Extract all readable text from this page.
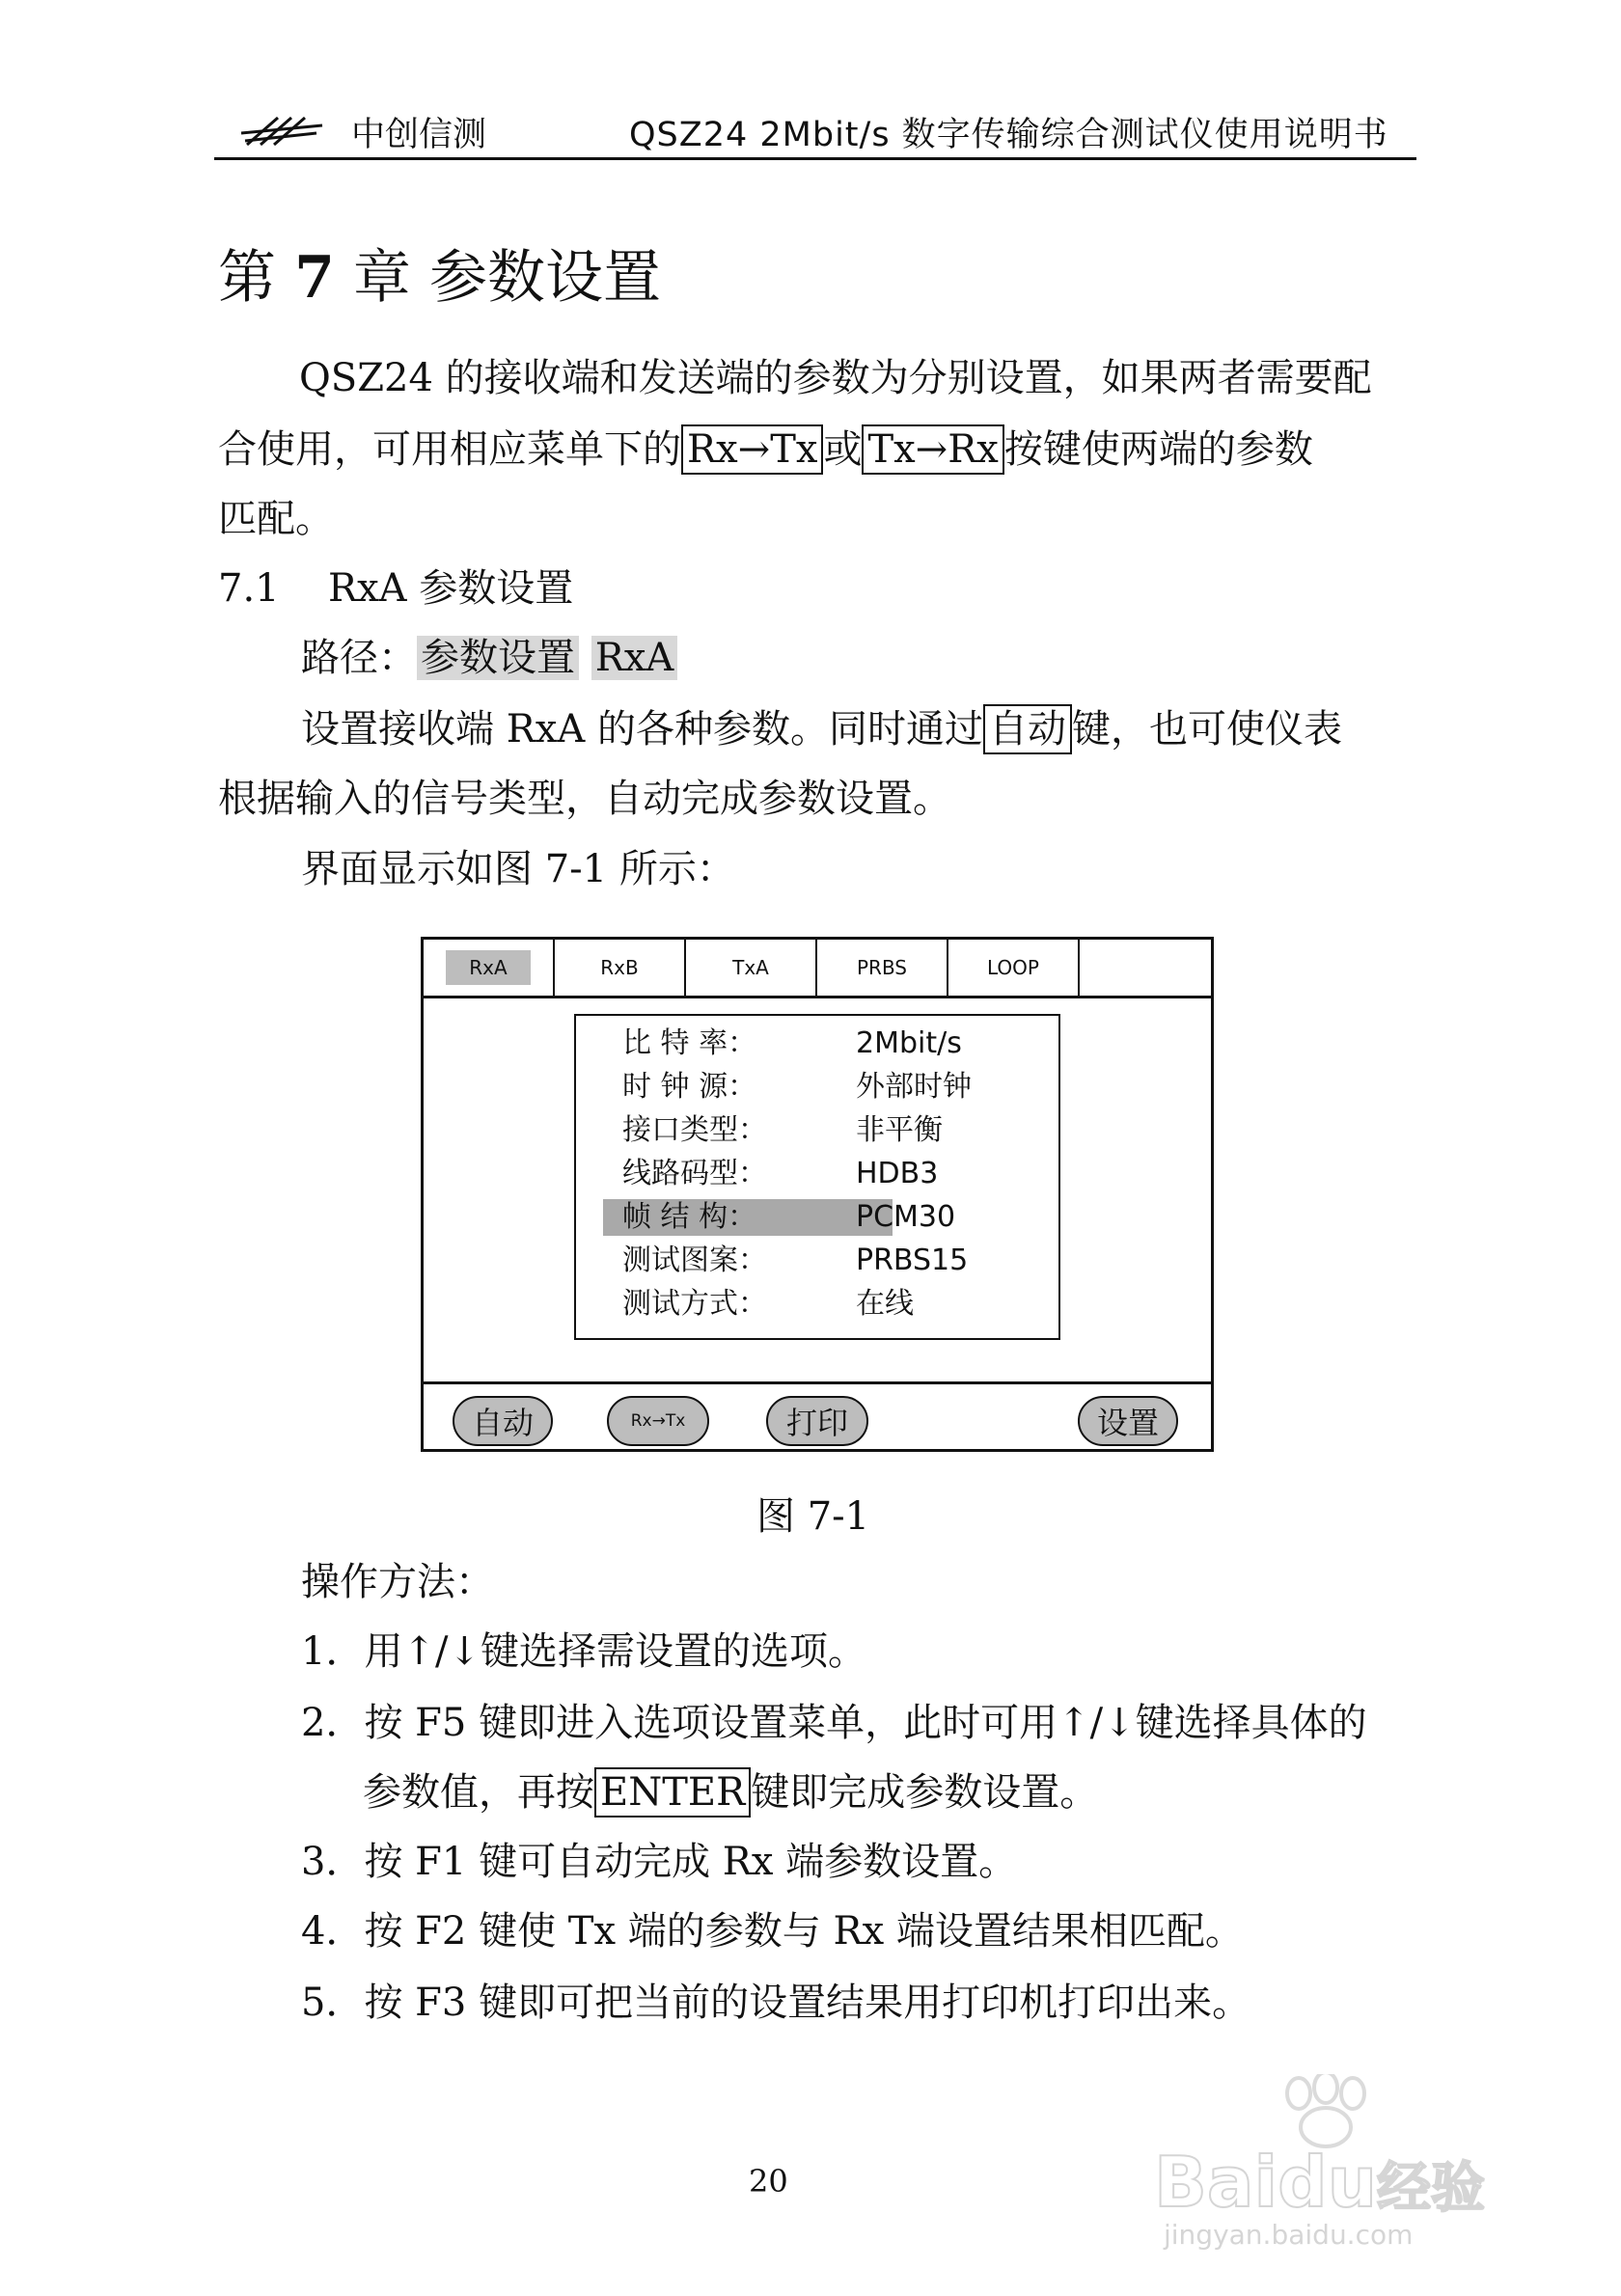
中创信测	QSZ24 2Mbit/s 数字传输综合测试仪使用说明书
第 7 章 参数设置
QSZ24 的接收端和发送端的参数为分别设置，如果两者需要配
合使用，可用相应菜单下的 Rx→Tx 或 Tx→Rx 按键使两端的参数
匹配。
7.1 RxA 参数设置
路径： 参数设置 RxA
设置接收端 RxA 的各种参数。同时通过 自动 键，也可使仪表
根据输入的信号类型，自动完成参数设置。
界面显示如图 7-1 所示：
RxA	RxB	TxA	PRBS	LOOP
比 特 率：	2Mbit/s
时 钟 源：	外部时钟
接口类型：	非平衡
线路码型：	HDB3
帧 结 构：	PCM30
测试图案：	PRBS15
测试方式：	在线
自动	Rx→Tx	打印	设置
图 7-1
操作方法：
1．用↑/↓键选择需设置的选项。
2．按 F5 键即进入选项设置菜单，此时可用↑/↓键选择具体的
参数值，再按 ENTER 键即完成参数设置。
3．按 F1 键可自动完成 Rx 端参数设置。
4．按 F2 键使 Tx 端的参数与 Rx 端设置结果相匹配。
5．按 F3 键即可把当前的设置结果用打印机打印出来。
20	Baidu经验
jingyan.baidu.com
